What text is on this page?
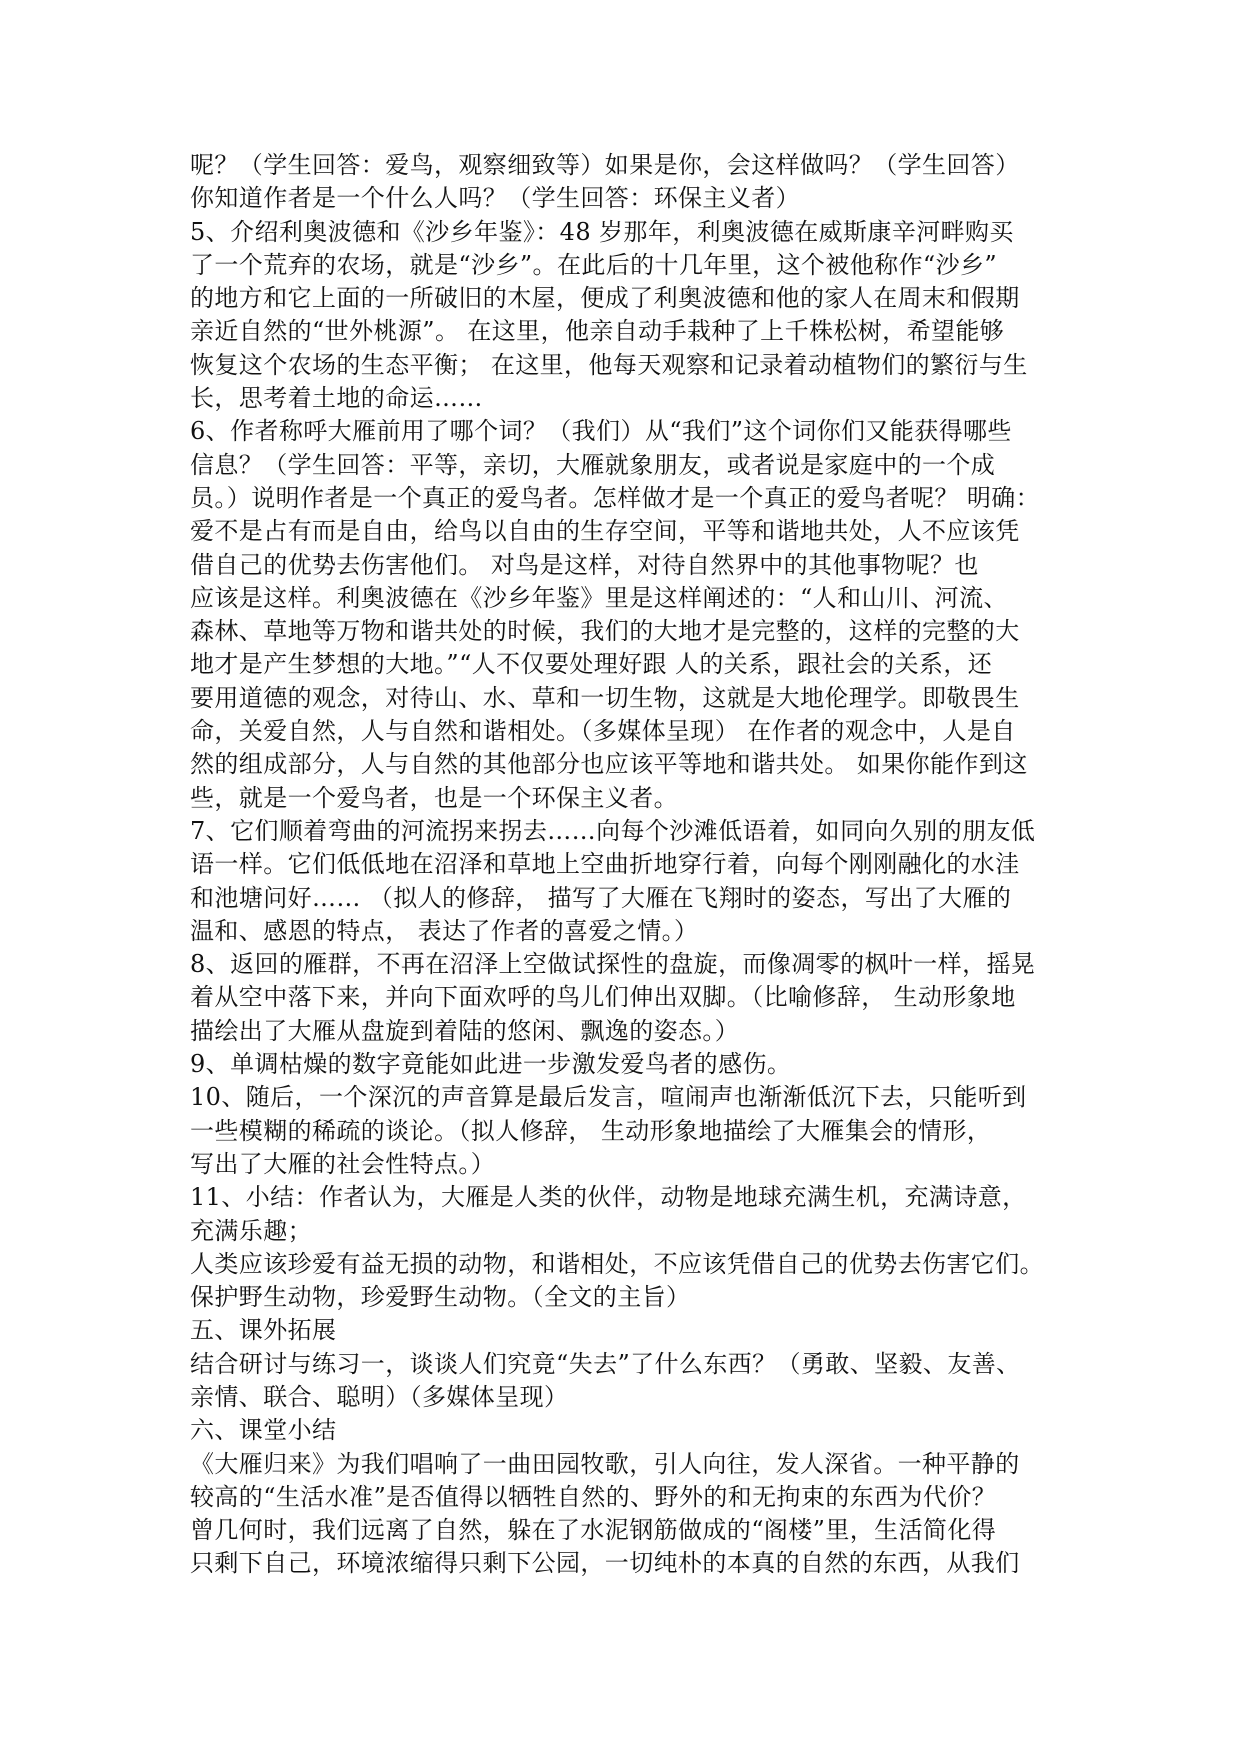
呢？（学生回答：爱鸟，观察细致等）如果是你，会这样做吗？（学生回答）
你知道作者是一个什么人吗？（学生回答：环保主义者）
5、介绍利奥波德和《沙乡年鉴》：48 岁那年，利奥波德在威斯康辛河畔购买
了一个荒弃的农场，就是“沙乡”。在此后的十几年里，这个被他称作“沙乡”
的地方和它上面的一所破旧的木屋，便成了利奥波德和他的家人在周末和假期
亲近自然的“世外桃源”。 在这里，他亲自动手栽种了上千株松树，希望能够
恢复这个农场的生态平衡； 在这里，他每天观察和记录着动植物们的繁衍与生
长，思考着土地的命运……
6、作者称呼大雁前用了哪个词？（我们）从“我们”这个词你们又能获得哪些
信息？（学生回答：平等，亲切，大雁就象朋友，或者说是家庭中的一个成
员。）说明作者是一个真正的爱鸟者。怎样做才是一个真正的爱鸟者呢？ 明确：
爱不是占有而是自由，给鸟以自由的生存空间，平等和谐地共处，人不应该凭
借自己的优势去伤害他们。 对鸟是这样，对待自然界中的其他事物呢？也
应该是这样。利奥波德在《沙乡年鉴》里是这样阐述的：“人和山川、河流、
森林、草地等万物和谐共处的时候，我们的大地才是完整的，这样的完整的大
地才是产生梦想的大地。”“人不仅要处理好跟 人的关系，跟社会的关系，还
要用道德的观念，对待山、水、草和一切生物，这就是大地伦理学。即敬畏生
命，关爱自然，人与自然和谐相处。（多媒体呈现） 在作者的观念中，人是自
然的组成部分，人与自然的其他部分也应该平等地和谐共处。 如果你能作到这
些，就是一个爱鸟者，也是一个环保主义者。
7、它们顺着弯曲的河流拐来拐去……向每个沙滩低语着，如同向久别的朋友低
语一样。它们低低地在沼泽和草地上空曲折地穿行着，向每个刚刚融化的水洼
和池塘问好…… （拟人的修辞， 描写了大雁在飞翔时的姿态，写出了大雁的
温和、感恩的特点， 表达了作者的喜爱之情。）
8、返回的雁群，不再在沼泽上空做试探性的盘旋，而像凋零的枫叶一样，摇晃
着从空中落下来，并向下面欢呼的鸟儿们伸出双脚。（比喻修辞， 生动形象地
描绘出了大雁从盘旋到着陆的悠闲、飘逸的姿态。）
9、单调枯燥的数字竟能如此进一步激发爱鸟者的感伤。
10、随后，一个深沉的声音算是最后发言，喧闹声也渐渐低沉下去，只能听到
一些模糊的稀疏的谈论。（拟人修辞， 生动形象地描绘了大雁集会的情形，
写出了大雁的社会性特点。）
11、小结：作者认为，大雁是人类的伙伴，动物是地球充满生机，充满诗意，
充满乐趣；
人类应该珍爱有益无损的动物，和谐相处，不应该凭借自己的优势去伤害它们。
保护野生动物，珍爱野生动物。（全文的主旨）
五、课外拓展
结合研讨与练习一，谈谈人们究竟“失去”了什么东西？（勇敢、坚毅、友善、
亲情、联合、聪明）（多媒体呈现）
六、课堂小结
《大雁归来》为我们唱响了一曲田园牧歌，引人向往，发人深省。一种平静的
较高的“生活水准”是否值得以牺牲自然的、野外的和无拘束的东西为代价？
曾几何时，我们远离了自然，躲在了水泥钢筋做成的“阁楼”里，生活简化得
只剩下自己，环境浓缩得只剩下公园，一切纯朴的本真的自然的东西，从我们
